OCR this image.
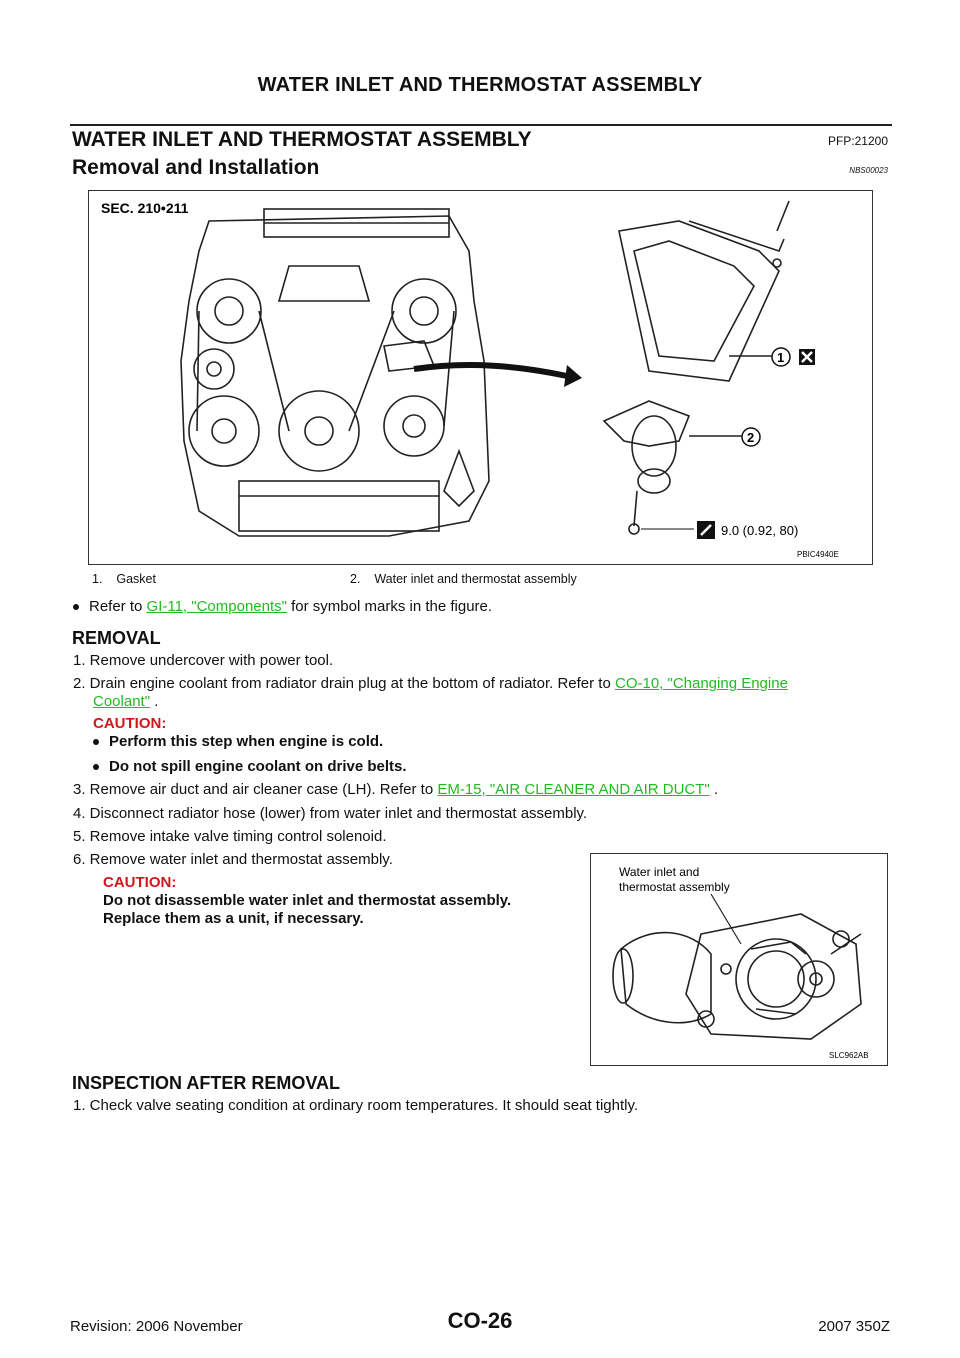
WATER INLET AND THERMOSTAT ASSEMBLY
WATER INLET AND THERMOSTAT ASSEMBLY	PFP:21200
Removal and Installation	NBS00023
SEC. 210•211
1
2
9.0 (0.92, 80)
PBIC4940E
1. Gasket	2. Water inlet and thermostat assembly
Refer to GI-11, "Components" for symbol marks in the figure.
REMOVAL
1. Remove undercover with power tool.
2. Drain engine coolant from radiator drain plug at the bottom of radiator. Refer to CO-10, "Changing Engine
Coolant" .
CAUTION:
Perform this step when engine is cold.
Do not spill engine coolant on drive belts.
3. Remove air duct and air cleaner case (LH). Refer to EM-15, "AIR CLEANER AND AIR DUCT" .
4. Disconnect radiator hose (lower) from water inlet and thermostat assembly.
5. Remove intake valve timing control solenoid.
6. Remove water inlet and thermostat assembly.
CAUTION:
Do not disassemble water inlet and thermostat assembly.
Replace them as a unit, if necessary.
Water inlet and
thermostat assembly
SLC962AB
INSPECTION AFTER REMOVAL
1. Check valve seating condition at ordinary room temperatures. It should seat tightly.
Revision: 2006 November	CO-26	2007 350Z
